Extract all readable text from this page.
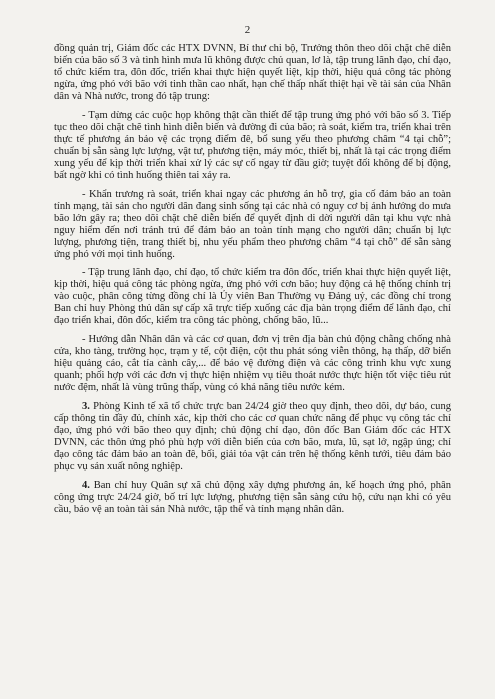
2

đồng quản trị, Giám đốc các HTX DVNN, Bí thư chi bộ, Trưởng thôn theo dõi chặt chẽ diễn biến của bão số 3 và tình hình mưa lũ không được chủ quan, lơ là, tập trung lãnh đạo, chỉ đạo, tổ chức kiểm tra, đôn đốc, triển khai thực hiện quyết liệt, kịp thời, hiệu quả công tác phòng ngừa, ứng phó với bão với tinh thần cao nhất, hạn chế thấp nhất thiệt hại về tài sản của Nhân dân và Nhà nước, trong đó tập trung:

- Tạm dừng các cuộc họp không thật cần thiết để tập trung ứng phó với bão số 3. Tiếp tục theo dõi chặt chẽ tình hình diễn biến và đường đi của bão; rà soát, kiểm tra, triển khai trên thực tế phương án bảo vệ các trọng điểm đê, bổ sung yếu theo phương châm “4 tại chỗ”; chuẩn bị sẵn sàng lực lượng, vật tư, phương tiện, máy móc, thiết bị, nhất là tại các trọng điểm xung yếu để kịp thời triển khai xử lý các sự cố ngay từ đầu giờ; tuyệt đối không để bị động, bất ngờ khi có tình huống thiên tai xảy ra.

- Khẩn trương rà soát, triển khai ngay các phương án hỗ trợ, gia cố đảm bảo an toàn tính mạng, tài sản cho người dân đang sinh sống tại các nhà có nguy cơ bị ảnh hưởng do mưa bão lớn gây ra; theo dõi chặt chẽ diễn biến để quyết định di dời người dân tại khu vực nhà nguy hiểm đến nơi tránh trú để đảm bảo an toàn tính mạng cho người dân; chuẩn bị lực lượng, phương tiện, trang thiết bị, nhu yếu phẩm theo phương châm “4 tại chỗ” để sẵn sàng ứng phó với mọi tình huống.

- Tập trung lãnh đạo, chỉ đạo, tổ chức kiểm tra đôn đốc, triển khai thực hiện quyết liệt, kịp thời, hiệu quả công tác phòng ngừa, ứng phó với cơn bão; huy động cả hệ thống chính trị vào cuộc, phân công từng đồng chí là Ủy viên Ban Thường vụ Đảng uỷ, các đồng chí trong Ban chỉ huy Phòng thủ dân sự cấp xã trực tiếp xuống các địa bàn trọng điểm để lãnh đạo, chỉ đạo triển khai, đôn đốc, kiểm tra công tác phòng, chống bão, lũ...

- Hướng dẫn Nhân dân và các cơ quan, đơn vị trên địa bàn chủ động chằng chống nhà cửa, kho tàng, trường học, trạm y tế, cột điện, cột thu phát sóng viễn thông, hạ thấp, dỡ biển hiệu quảng cáo, cắt tỉa cành cây,... để bảo vệ đường điện và các công trình khu vực xung quanh; phối hợp với các đơn vị thực hiện nhiệm vụ tiêu thoát nước thực hiện tốt việc tiêu rút nước đệm, nhất là vùng trũng thấp, vùng có khả năng tiêu nước kém.

3. Phòng Kinh tế xã tổ chức trực ban 24/24 giờ theo quy định, theo dõi, dự báo, cung cấp thông tin đầy đủ, chính xác, kịp thời cho các cơ quan chức năng để phục vụ công tác chỉ đạo, ứng phó với bão theo quy định; chủ động chỉ đạo, đôn đốc Ban Giám đốc các HTX DVNN, các thôn ứng phó phù hợp với diễn biến của cơn bão, mưa, lũ, sạt lở, ngập úng; chỉ đạo công tác đảm bảo an toàn đê, bối, giải tỏa vật cản trên hệ thống kênh tưới, tiêu đảm bảo phục vụ sản xuất nông nghiệp.

4. Ban chỉ huy Quân sự xã chủ động xây dựng phương án, kế hoạch ứng phó, phân công ứng trực 24/24 giờ, bố trí lực lượng, phương tiện sẵn sàng cứu hộ, cứu nạn khi có yêu cầu, bảo vệ an toàn tài sản Nhà nước, tập thể và tính mạng nhân dân.
